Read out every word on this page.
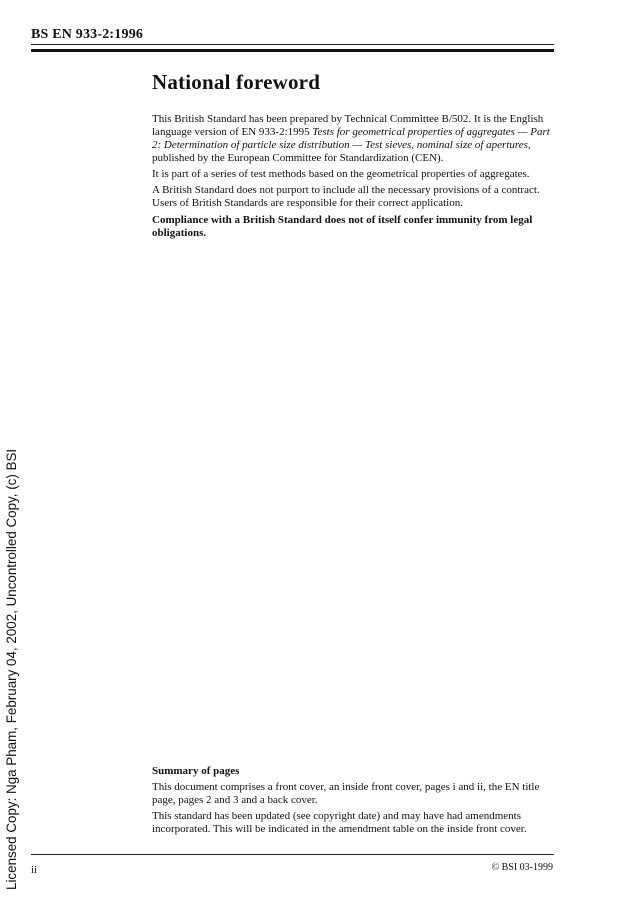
BS EN 933-2:1996
National foreword

This British Standard has been prepared by Technical Committee B/502. It is the English language version of EN 933-2:1995 Tests for geometrical properties of aggregates — Part 2: Determination of particle size distribution — Test sieves, nominal size of apertures, published by the European Committee for Standardization (CEN).

It is part of a series of test methods based on the geometrical properties of aggregates.

A British Standard does not purport to include all the necessary provisions of a contract. Users of British Standards are responsible for their correct application.

Compliance with a British Standard does not of itself confer immunity from legal obligations.

Summary of pages

This document comprises a front cover, an inside front cover, pages i and ii, the EN title page, pages 2 and 3 and a back cover.

This standard has been updated (see copyright date) and may have had amendments incorporated. This will be indicated in the amendment table on the inside front cover.

ii	© BSI 03-1999
Licensed Copy: Nga Pham, February 04, 2002, Uncontrolled Copy, (c) BSI
